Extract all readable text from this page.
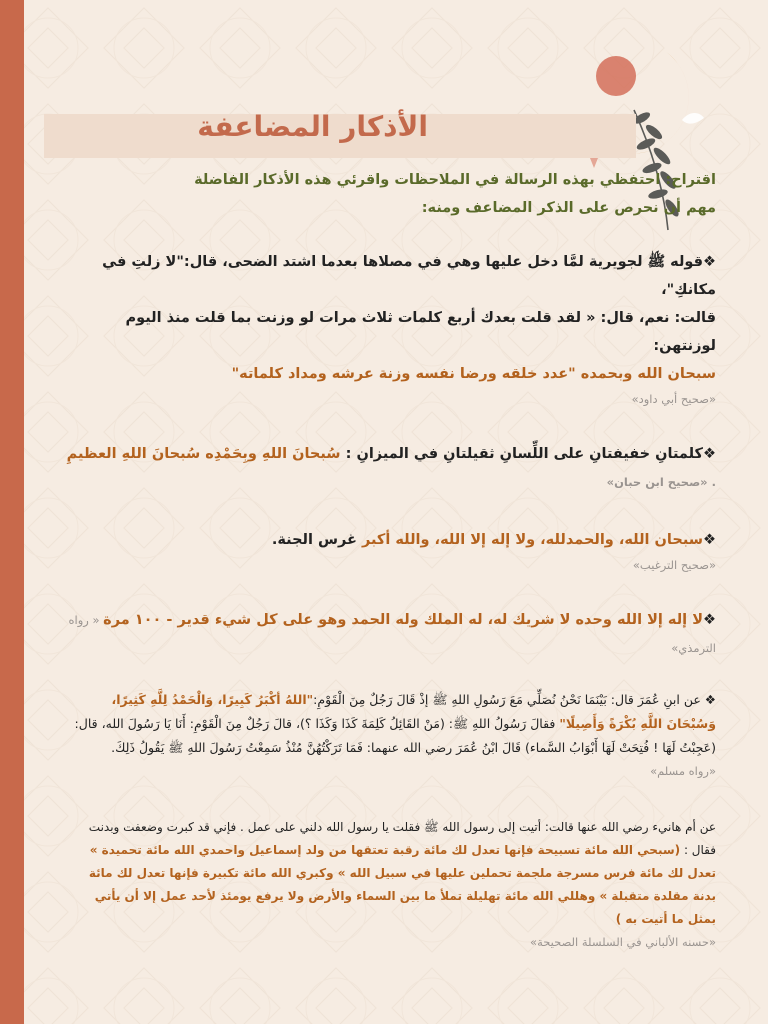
الأذكار المضاعفة

اقتراح: احتفظي بهذه الرسالة في الملاحظات واقرئي هذه الأذكار الفاضلة

مهم أن نحرص على الذكر المضاعف ومنه:

❖قوله ﷺ لجويرية لمَّا دخل عليها وهي في مصلاها بعدما اشتد الضحى، قال:"لا زلتِ في مكانكِ"،

قالت: نعم، قال: « لقد قلت بعدك أربع كلمات ثلاث مرات لو وزنت بما قلت منذ اليوم لوزنتهن:

سبحان الله وبحمده "عدد خلقه ورضا نفسه وزنة عرشه ومداد كلماته"

«صحيح أبي داود»

❖كلمتانِ خفيفتانِ على اللِّسانِ ثقيلتانِ في الميزانِ : سُبحانَ اللهِ وبِحَمْدِه سُبحانَ اللهِ العظيمِ . «صحيح ابن حبان»

❖سبحان الله، والحمدلله، ولا إله إلا الله، والله أكبر غرس الجنة.

«صحيح الترغيب»

❖لا إله إلا الله وحده لا شريك له، له الملك وله الحمد وهو على كل شيء قدير - ١٠٠ مرة « رواه الترمذي»

❖ عن ابنِ عُمَرَ قال: بَيْنَمَا نَحْنُ نُصَلِّي مَعَ رَسُولِ اللهِ ﷺ إذْ قَالَ رَجُلٌ مِنَ الْقَوْمِ:"اللهُ أكْبَرُ كَبِيرًا، وَالْحَمْدُ لِلَّهِ كَثِيرًا، وَسُبْحَانَ اللَّهِ بُكْرَةً وَأَصِيلًا" فقالَ رَسُولُ اللهِ ﷺ: (مَنْ القَائِلُ كَلِمَةَ كَذَا وَكَذَا ؟)، قالَ رَجُلٌ مِنَ الْقَوْمِ: أَنَا يَا رَسُولَ الله، قال: (عَجِبْتُ لَهَا ! فُتِحَتْ لَهَا أَبْوَابُ السَّماء) قَالَ ابْنُ عُمَرَ رضي الله عنهما: فَمَا تَرَكْتُهُنَّ مُنْذُ سَمِعْتُ رَسُولَ اللهِ ﷺ يَقُولُ ذَلِكَ.

«رواه مسلم»

عن أم هانيء رضي الله عنها قالت: أتيت إلى رسول الله ﷺ فقلت يا رسول الله دلني على عمل . فإني قد كبرت وضعفت وبدنت فقال : (سبحي الله مائة تسبيحة فإنها تعدل لك مائة رقبة تعتقها من ولد إسماعيل واحمدي الله مائة تحميدة » تعدل لك مائة فرس مسرجة ملجمة تحملين عليها في سبيل الله » وكبري الله مائة تكبيرة فإنها تعدل لك مائة بدنة مقلدة متقبلة » وهللي الله مائة تهليلة تملأ ما بين السماء والأرض ولا يرفع يومئذ لأحد عمل إلا أن يأتي بمثل ما أتيت به )

«حسنه الألباني في السلسلة الصحيحة»
